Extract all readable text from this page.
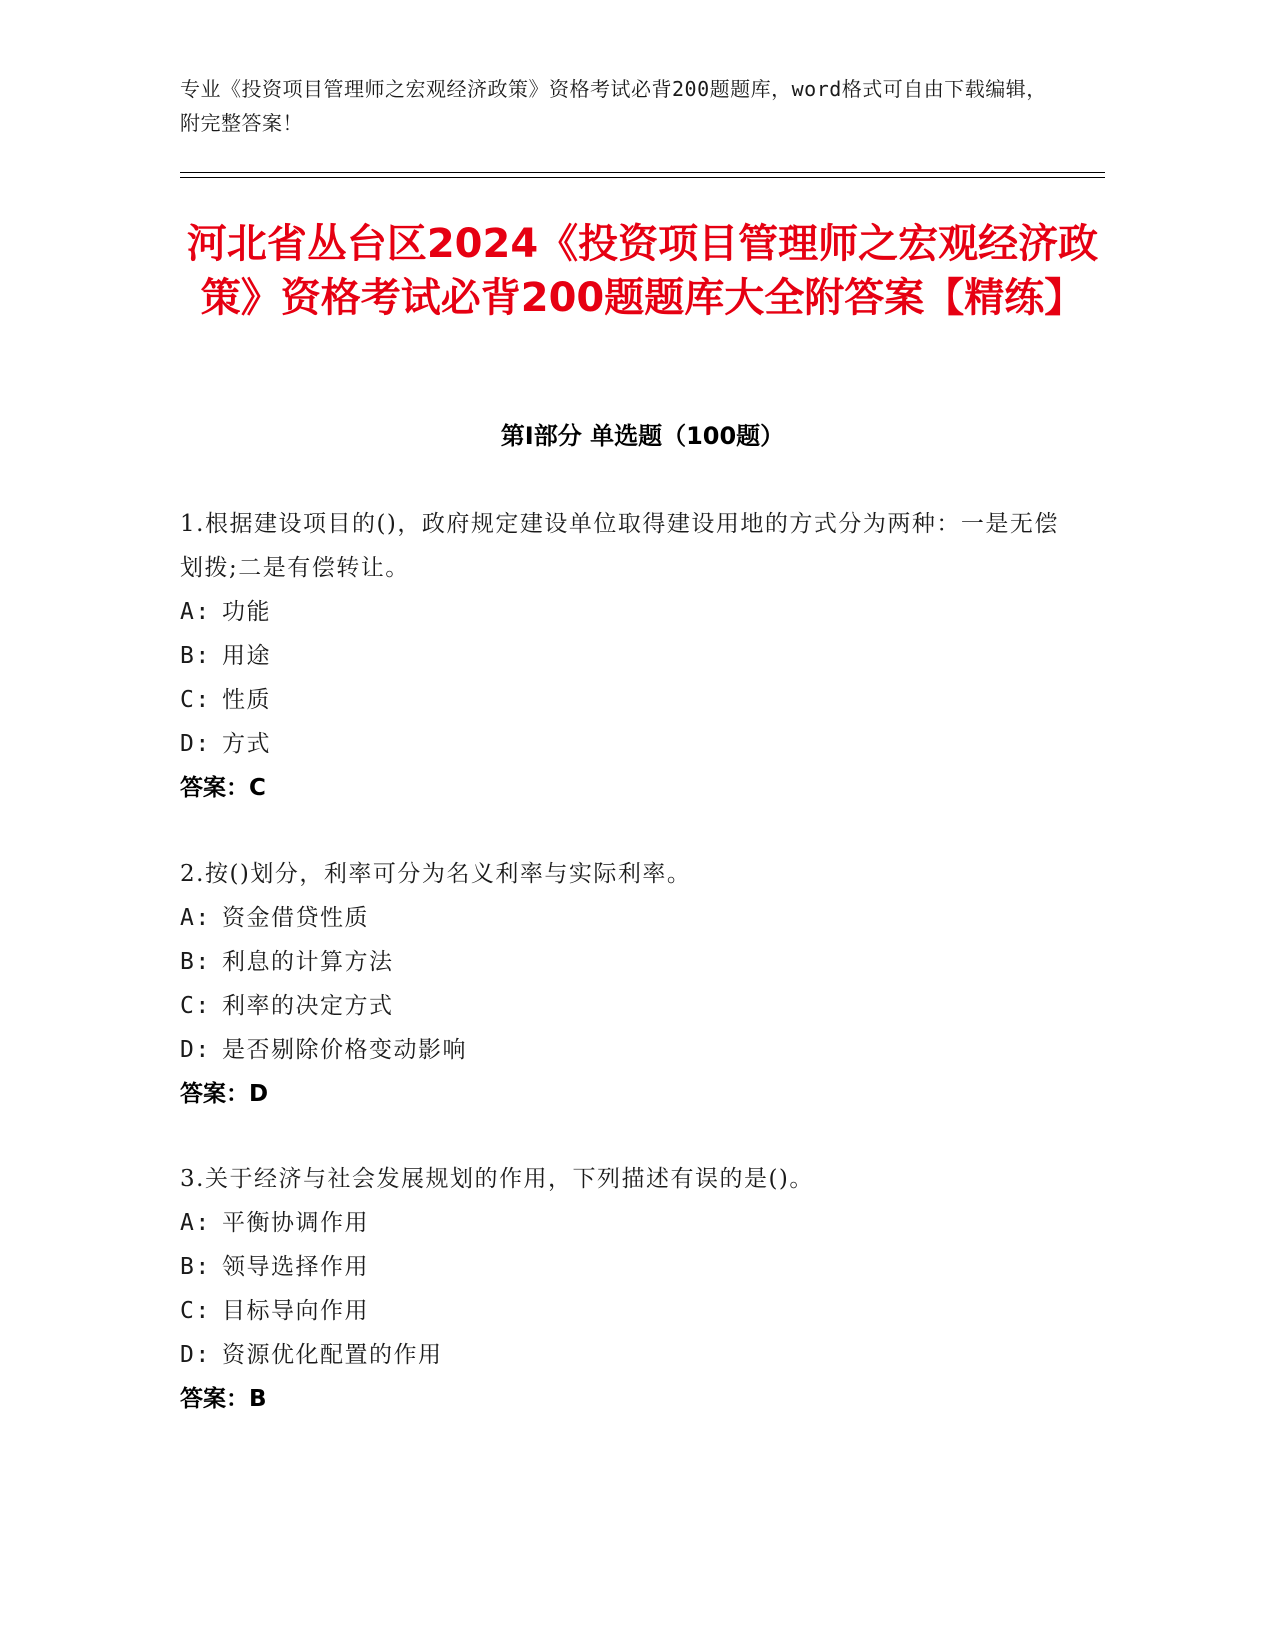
专业《投资项目管理师之宏观经济政策》资格考试必背200题题库，word格式可自由下载编辑，附完整答案！
河北省丛台区2024《投资项目管理师之宏观经济政策》资格考试必背200题题库大全附答案【精练】
第Ⅰ部分 单选题（100题）
1.根据建设项目的()，政府规定建设单位取得建设用地的方式分为两种：一是无偿划拨;二是有偿转让。
A: 功能
B: 用途
C: 性质
D: 方式
答案：C
2.按()划分，利率可分为名义利率与实际利率。
A: 资金借贷性质
B: 利息的计算方法
C: 利率的决定方式
D: 是否剔除价格变动影响
答案：D
3.关于经济与社会发展规划的作用，下列描述有误的是()。
A: 平衡协调作用
B: 领导选择作用
C: 目标导向作用
D: 资源优化配置的作用
答案：B
